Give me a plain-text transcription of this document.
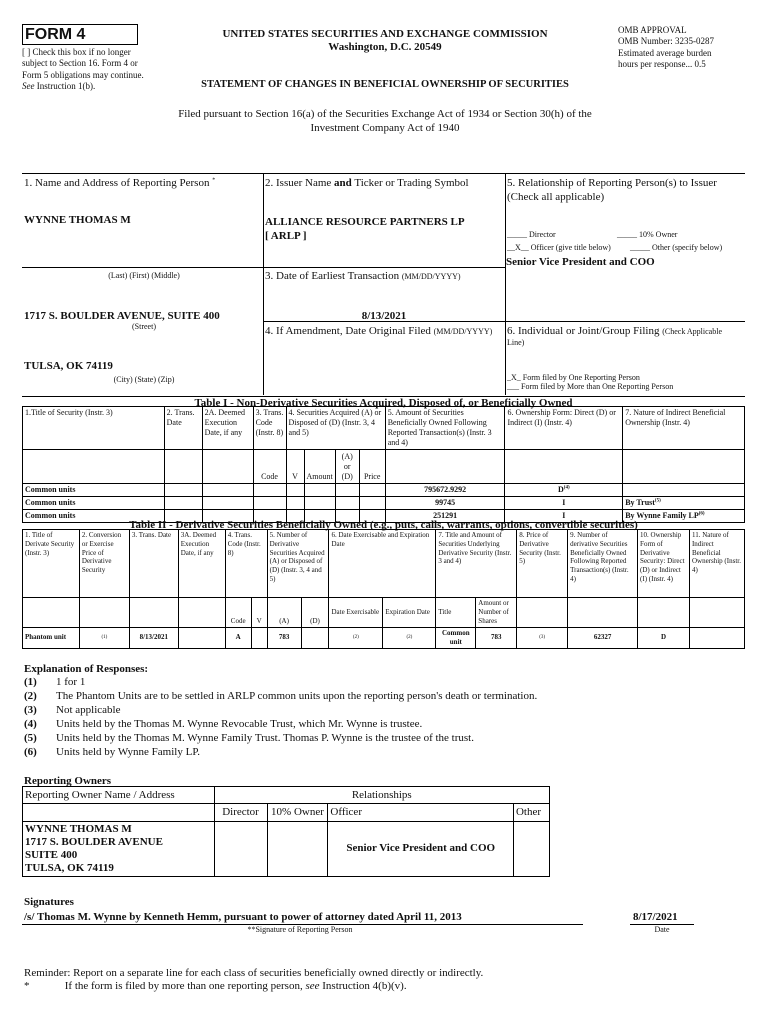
FORM 4
[ ] Check this box if no longer subject to Section 16. Form 4 or Form 5 obligations may continue. See Instruction 1(b).
UNITED STATES SECURITIES AND EXCHANGE COMMISSION
Washington, D.C. 20549
STATEMENT OF CHANGES IN BENEFICIAL OWNERSHIP OF SECURITIES
OMB APPROVAL
OMB Number: 3235-0287
Estimated average burden
hours per response... 0.5
Filed pursuant to Section 16(a) of the Securities Exchange Act of 1934 or Section 30(h) of the
Investment Company Act of 1940
1. Name and Address of Reporting Person *
WYNNE THOMAS M
(Last) (First) (Middle)
1717 S. BOULDER AVENUE, SUITE 400
(Street)
TULSA, OK 74119
(City) (State) (Zip)
2. Issuer Name and Ticker or Trading Symbol
ALLIANCE RESOURCE PARTNERS LP
[ ARLP ]
3. Date of Earliest Transaction (MM/DD/YYYY)
8/13/2021
4. If Amendment, Date Original Filed (MM/DD/YYYY)
5. Relationship of Reporting Person(s) to Issuer
(Check all applicable)
_____ Director	_____ 10% Owner
__X__ Officer (give title below) _____ Other (specify below)
Senior Vice President and COO
6. Individual or Joint/Group Filing (Check Applicable
Line)
_X_ Form filed by One Reporting Person
___ Form filed by More than One Reporting Person
Table I - Non-Derivative Securities Acquired, Disposed of, or Beneficially Owned
1.Title of Security (Instr. 3)	2. Trans. Date	2A. Deemed Execution Date, if any	3. Trans. Code (Instr. 8)	4. Securities Acquired (A) or Disposed of (D) (Instr. 3, 4 and 5)				5. Amount of Securities Beneficially Owned Following Reported Transaction(s) (Instr. 3 and 4)	6. Ownership Form: Direct (D) or Indirect (I) (Instr. 4)	7. Nature of Indirect Beneficial Ownership (Instr. 4)
			Code	V	Amount	(A) or (D)	Price			
Common units								795672.9292	$D^{(4)}$	
Common units								99745	I	By Trust$^{(5)}$
Common units								251291	I	By Wynne Family LP$^{(6)}$
Table II - Derivative Securities Beneficially Owned (e.g., puts, calls, warrants, options, convertible securities)
1. Title of Derivate Security (Instr. 3)	2. Conversion or Exercise Price of Derivative Security	3. Trans. Date	3A. Deemed Execution Date, if any	4. Trans. Code (Instr. 8)		5. Number of Derivative Securities Acquired (A) or Disposed of (D) (Instr. 3, 4 and 5)		6. Date Exercisable and Expiration Date		7. Title and Amount of Securities Underlying Derivative Security (Instr. 3 and 4)		8. Price of Derivative Security (Instr. 5)	9. Number of derivative Securities Beneficially Owned Following Reported Transaction(s) (Instr. 4)	10. Ownership Form of Derivative Security: Direct (D) or Indirect (I) (Instr. 4)	11. Nature of Indirect Beneficial Ownership (Instr. 4)
				Code	V	(A)	(D)	Date Exercisable	Expiration Date	Title	Amount or Number of Shares				
Phantom unit	(1)	8/13/2021		A		783		(2)	(2)	Common unit	783	(3)	62327	D	
Explanation of Responses:
(1) 1 for 1
(2) The Phantom Units are to be settled in ARLP common units upon the reporting person's death or termination.
(3) Not applicable
(4) Units held by the Thomas M. Wynne Revocable Trust, which Mr. Wynne is trustee.
(5) Units held by the Thomas M. Wynne Family Trust. Thomas P. Wynne is the trustee of the trust.
(6) Units held by Wynne Family LP.
Reporting Owners
Reporting Owner Name / Address	Relationships			
	Director	10% Owner	Officer	Other

WYNNE THOMAS M
1717 S. BOULDER AVENUE
SUITE 400
TULSA, OK 74119			Senior Vice President and COO	
Signatures
/s/ Thomas M. Wynne by Kenneth Hemm, pursuant to power of attorney dated April 11, 2013	8/17/2021
**Signature of Reporting Person	Date
Reminder: Report on a separate line for each class of securities beneficially owned directly or indirectly.
*	If the form is filed by more than one reporting person, see Instruction 4(b)(v).
